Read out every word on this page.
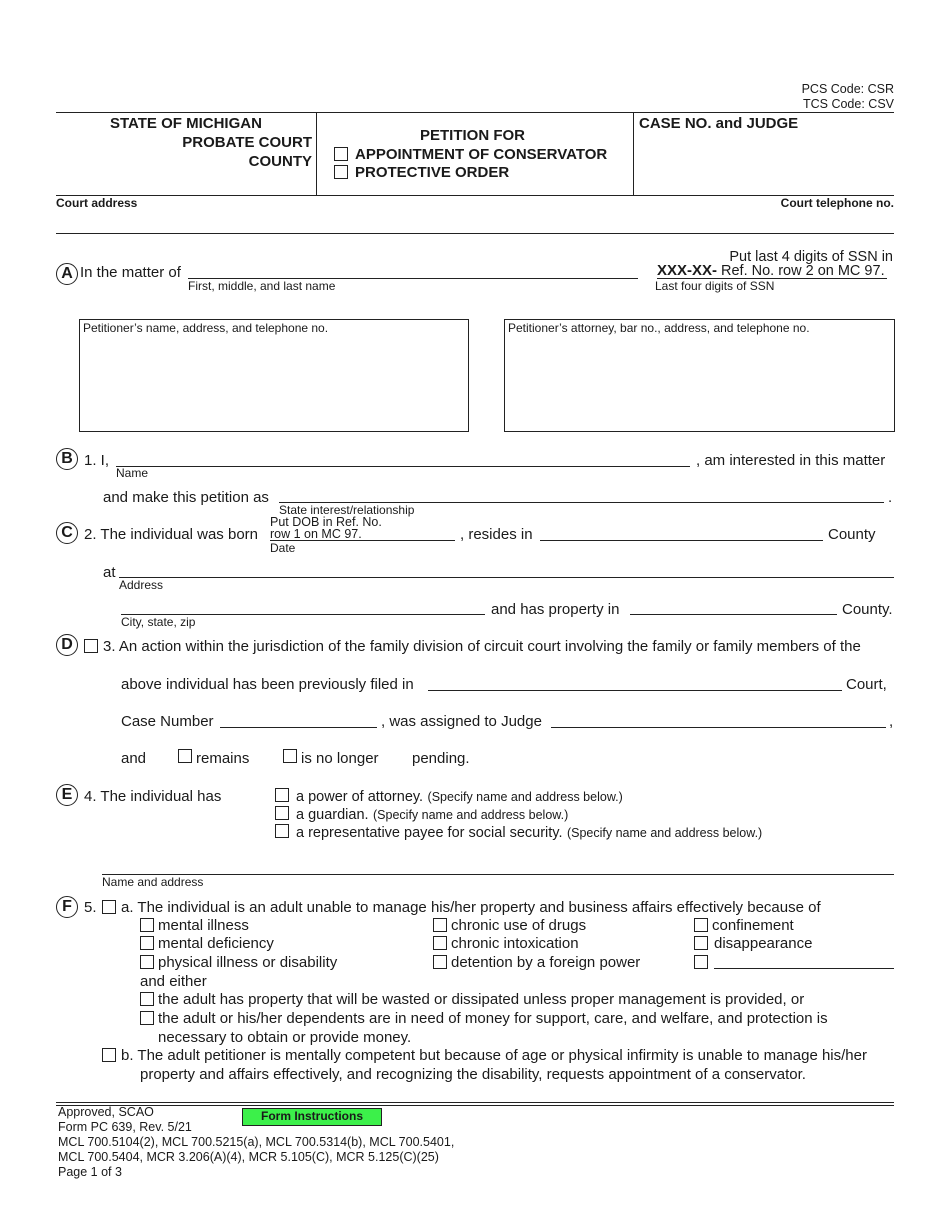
PCS Code: CSR
TCS Code: CSV
STATE OF MICHIGAN
PROBATE COURT
COUNTY
PETITION FOR
APPOINTMENT OF CONSERVATOR
PROTECTIVE ORDER
CASE NO. and JUDGE
Court address	Court telephone no.
A In the matter of
First, middle, and last name
Put last 4 digits of SSN in
XXX-XX- Ref. No. row 2 on MC 97.
Last four digits of SSN
Petitioner’s name, address, and telephone no.	Petitioner’s attorney, bar no., address, and telephone no.
B 1. I,	, am interested in this matter
Name
and make this petition as	.
State interest/relationship
C 2. The individual was born
Put DOB in Ref. No.
row 1 on MC 97.
Date
, resides in	County
at
Address
City, state, zip
and has property in	County.
D	3. An action within the jurisdiction of the family division of circuit court involving the family or family members of the
above individual has been previously filed in	Court,
Case Number	, was assigned to Judge	,
and	remains	is no longer pending.
E 4. The individual has	a power of attorney. (Specify name and address below.)
a guardian. (Specify name and address below.)
a representative payee for social security. (Specify name and address below.)
Name and address
F 5. a. The individual is an adult unable to manage his/her property and business affairs effectively because of
mental illness
mental deficiency
physical illness or disability
chronic use of drugs
chronic intoxication
detention by a foreign power
confinement
disappearance
and either
the adult has property that will be wasted or dissipated unless proper management is provided, or
the adult or his/her dependents are in need of money for support, care, and welfare, and protection is
necessary to obtain or provide money.
b. The adult petitioner is mentally competent but because of age or physical infirmity is unable to manage his/her
property and affairs effectively, and recognizing the disability, requests appointment of a conservator.
Approved, SCAO	Form Instructions
Form PC 639, Rev. 5/21
MCL 700.5104(2), MCL 700.5215(a), MCL 700.5314(b), MCL 700.5401,
MCL 700.5404, MCR 3.206(A)(4), MCR 5.105(C), MCR 5.125(C)(25)
Page 1 of 3
